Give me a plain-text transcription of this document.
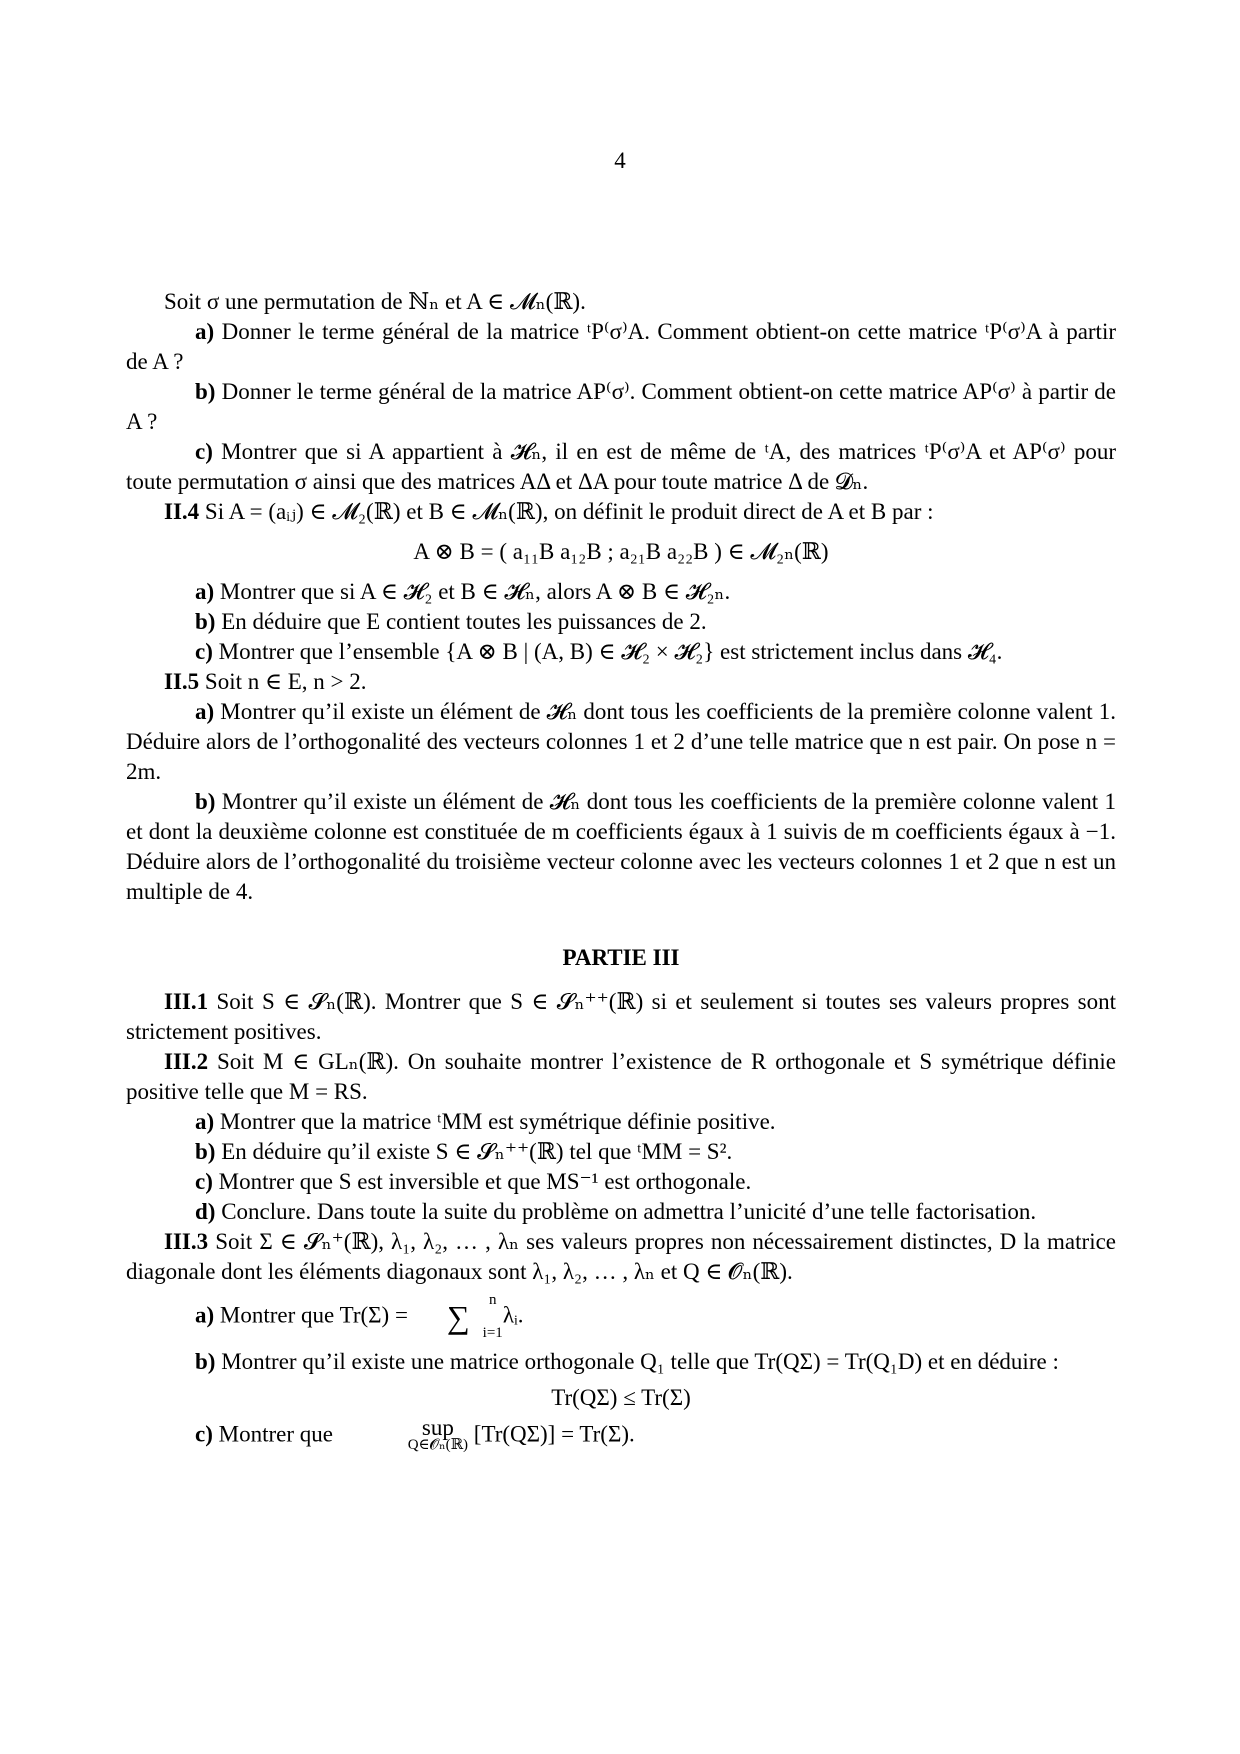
4

Soit σ une permutation de ℕₙ et A ∈ 𝓜ₙ(ℝ).

a) Donner le terme général de la matrice ᵗP⁽σ⁾A. Comment obtient-on cette matrice ᵗP⁽σ⁾A à partir de A ?

b) Donner le terme général de la matrice AP⁽σ⁾. Comment obtient-on cette matrice AP⁽σ⁾ à partir de A ?

c) Montrer que si A appartient à 𝓗ₙ, il en est de même de ᵗA, des matrices ᵗP⁽σ⁾A et AP⁽σ⁾ pour toute permutation σ ainsi que des matrices AΔ et ΔA pour toute matrice Δ de 𝓓ₙ.

II.4 Si A = (aᵢⱼ) ∈ 𝓜₂(ℝ) et B ∈ 𝓜ₙ(ℝ), on définit le produit direct de A et B par :

A ⊗ B = ( a₁₁B a₁₂B ; a₂₁B a₂₂B ) ∈ 𝓜₂ₙ(ℝ)

a) Montrer que si A ∈ 𝓗₂ et B ∈ 𝓗ₙ, alors A ⊗ B ∈ 𝓗₂ₙ.

b) En déduire que E contient toutes les puissances de 2.

c) Montrer que l’ensemble {A ⊗ B | (A, B) ∈ 𝓗₂ × 𝓗₂} est strictement inclus dans 𝓗₄.

II.5 Soit n ∈ E, n > 2.

a) Montrer qu’il existe un élément de 𝓗ₙ dont tous les coefficients de la première colonne valent 1. Déduire alors de l’orthogonalité des vecteurs colonnes 1 et 2 d’une telle matrice que n est pair. On pose n = 2m.

b) Montrer qu’il existe un élément de 𝓗ₙ dont tous les coefficients de la première colonne valent 1 et dont la deuxième colonne est constituée de m coefficients égaux à 1 suivis de m coefficients égaux à −1. Déduire alors de l’orthogonalité du troisième vecteur colonne avec les vecteurs colonnes 1 et 2 que n est un multiple de 4.

PARTIE III

III.1 Soit S ∈ 𝓢ₙ(ℝ). Montrer que S ∈ 𝓢ₙ⁺⁺(ℝ) si et seulement si toutes ses valeurs propres sont strictement positives.

III.2 Soit M ∈ GLₙ(ℝ). On souhaite montrer l’existence de R orthogonale et S symétrique définie positive telle que M = RS.

a) Montrer que la matrice ᵗMM est symétrique définie positive.

b) En déduire qu’il existe S ∈ 𝓢ₙ⁺⁺(ℝ) tel que ᵗMM = S².

c) Montrer que S est inversible et que MS⁻¹ est orthogonale.

d) Conclure. Dans toute la suite du problème on admettra l’unicité d’une telle factorisation.

III.3 Soit Σ ∈ 𝓢ₙ⁺(ℝ), λ₁, λ₂, … , λₙ ses valeurs propres non nécessairement distinctes, D la matrice diagonale dont les éléments diagonaux sont λ₁, λ₂, … , λₙ et Q ∈ 𝓞ₙ(ℝ).

a) Montrer que Tr(Σ) =
n
∑ i=1
λᵢ.

b) Montrer qu’il existe une matrice orthogonale Q₁ telle que Tr(QΣ) = Tr(Q₁D) et en déduire :

Tr(QΣ) ≤ Tr(Σ)

c) Montrer que	sup
Q∈𝓞ₙ(ℝ) [Tr(QΣ)] = Tr(Σ).
